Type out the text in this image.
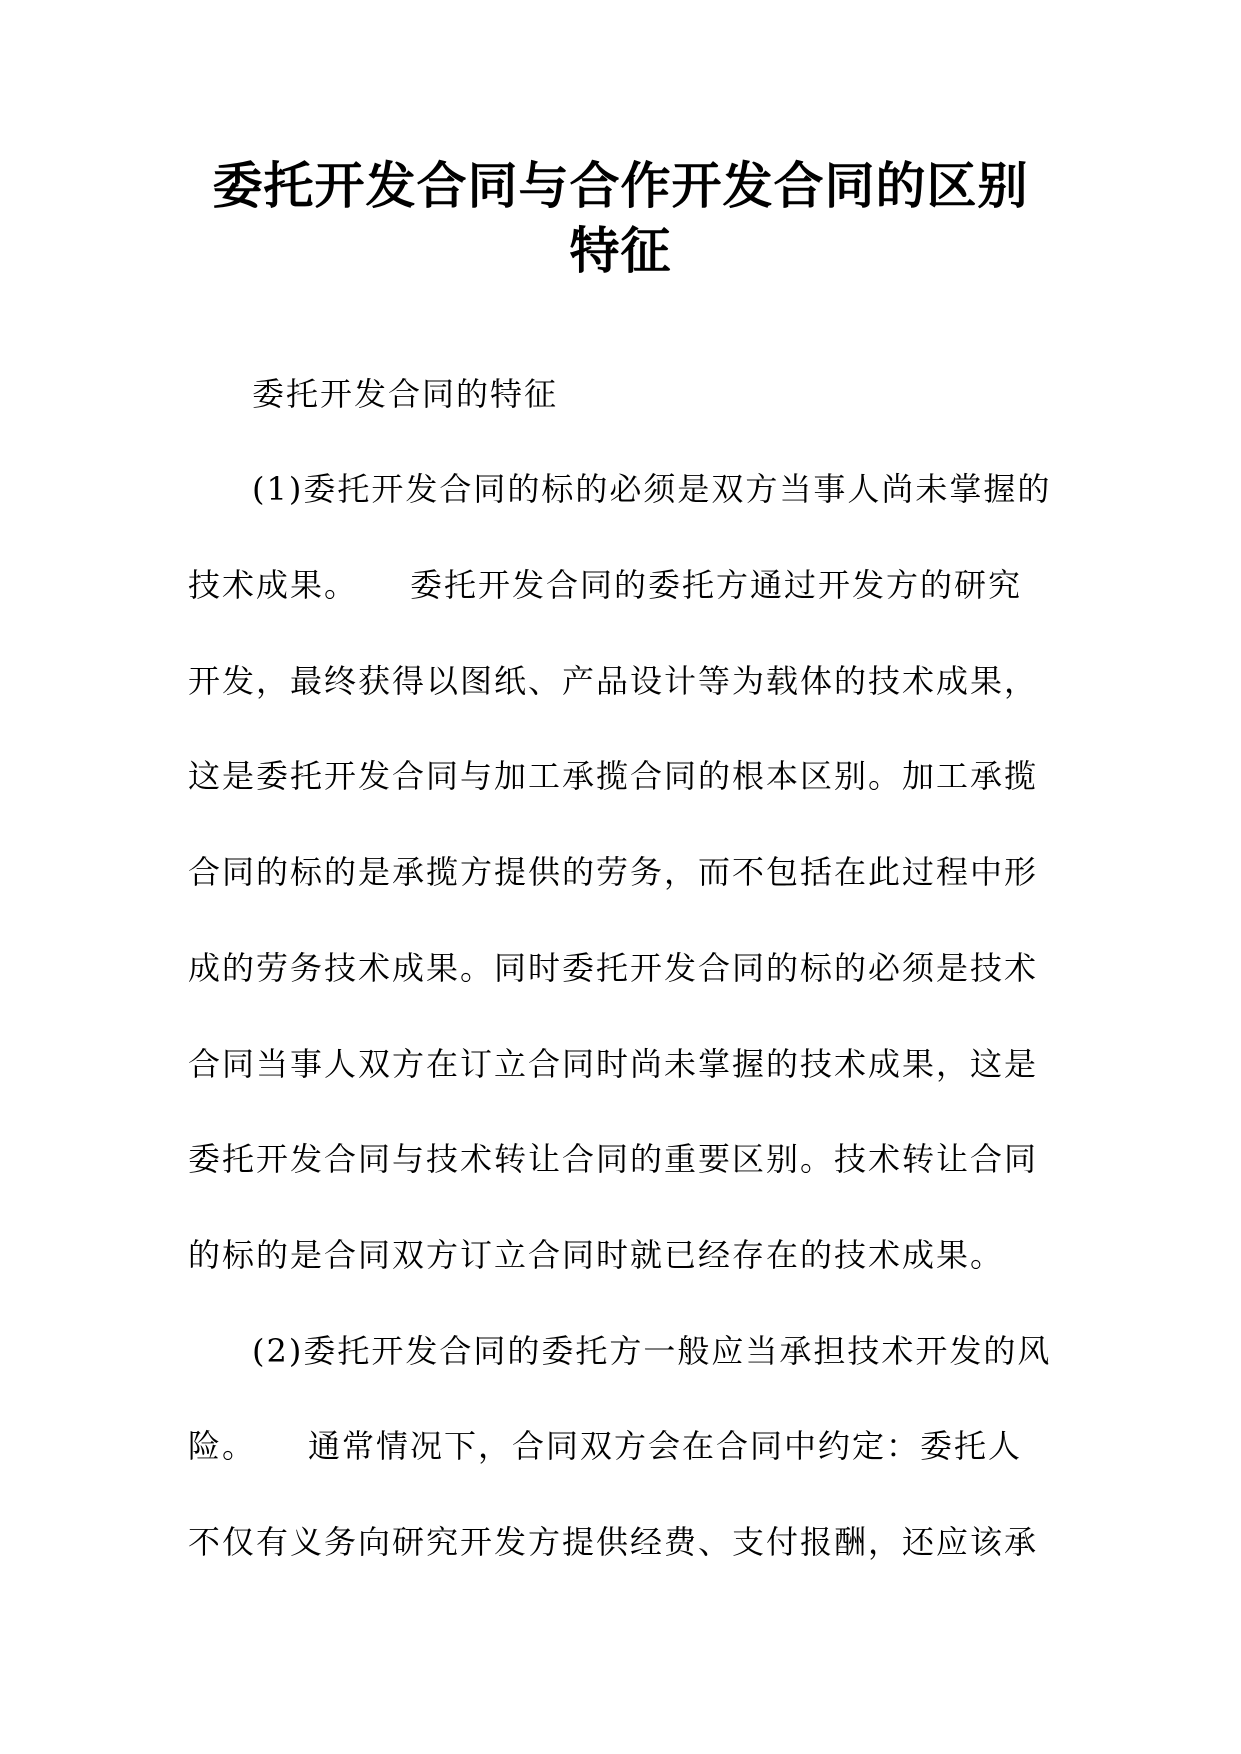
委托开发合同与合作开发合同的区别
特征
委托开发合同的特征
(1)委托开发合同的标的必须是双方当事人尚未掌握的
技术成果。　　委托开发合同的委托方通过开发方的研究
开发，最终获得以图纸、产品设计等为载体的技术成果，
这是委托开发合同与加工承揽合同的根本区别。加工承揽
合同的标的是承揽方提供的劳务，而不包括在此过程中形
成的劳务技术成果。同时委托开发合同的标的必须是技术
合同当事人双方在订立合同时尚未掌握的技术成果，这是
委托开发合同与技术转让合同的重要区别。技术转让合同
的标的是合同双方订立合同时就已经存在的技术成果。
(2)委托开发合同的委托方一般应当承担技术开发的风
险。　　通常情况下，合同双方会在合同中约定：委托人
不仅有义务向研究开发方提供经费、支付报酬，还应该承
